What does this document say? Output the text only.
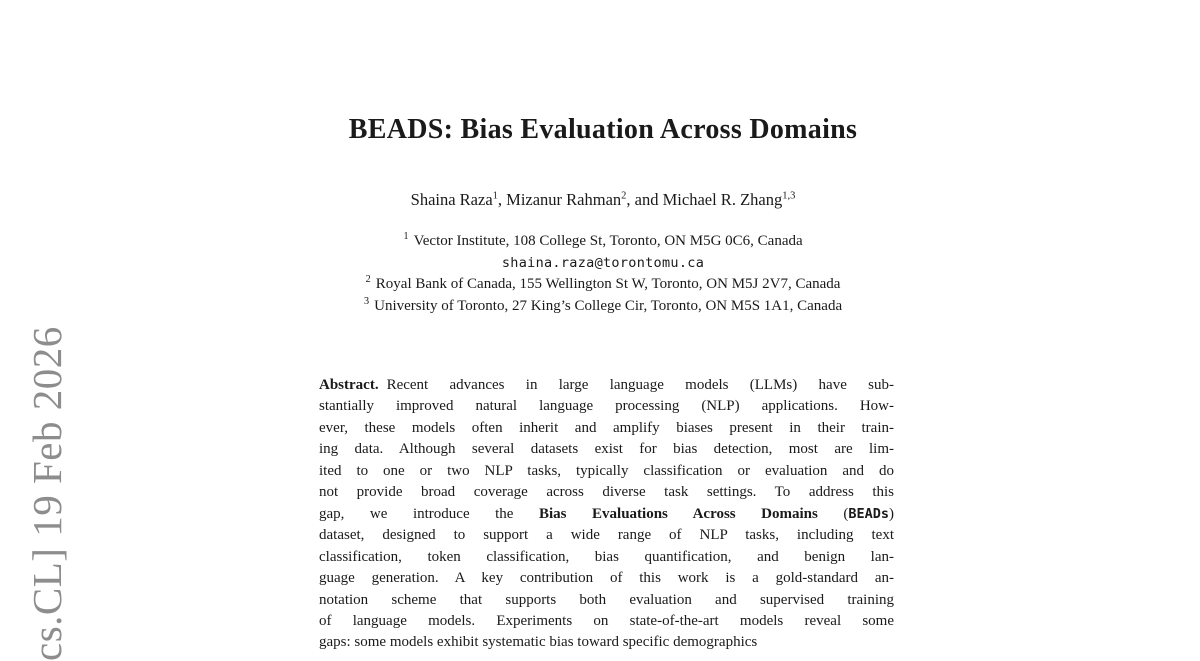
cs.CL] 19 Feb 2026
BEADS: Bias Evaluation Across Domains
Shaina Raza$^1$, Mizanur Rahman$^2$, and Michael R. Zhang$^{1,3}$
$^1$ Vector Institute, 108 College St, Toronto, ON M5G 0C6, Canada
shaina.raza@torontomu.ca
$^2$ Royal Bank of Canada, 155 Wellington St W, Toronto, ON M5J 2V7, Canada
$^3$ University of Toronto, 27 King’s College Cir, Toronto, ON M5S 1A1, Canada
Abstract. Recent advances in large language models (LLMs) have sub-
stantially improved natural language processing (NLP) applications. How-
ever, these models often inherit and amplify biases present in their train-
ing data. Although several datasets exist for bias detection, most are lim-
ited to one or two NLP tasks, typically classification or evaluation and do
not provide broad coverage across diverse task settings. To address this
gap, we introduce the Bias Evaluations Across Domains (BEADs)
dataset, designed to support a wide range of NLP tasks, including text
classification, token classification, bias quantification, and benign lan-
guage generation. A key contribution of this work is a gold-standard an-
notation scheme that supports both evaluation and supervised training
of language models. Experiments on state-of-the-art models reveal some
gaps: some models exhibit systematic bias toward specific demographics
